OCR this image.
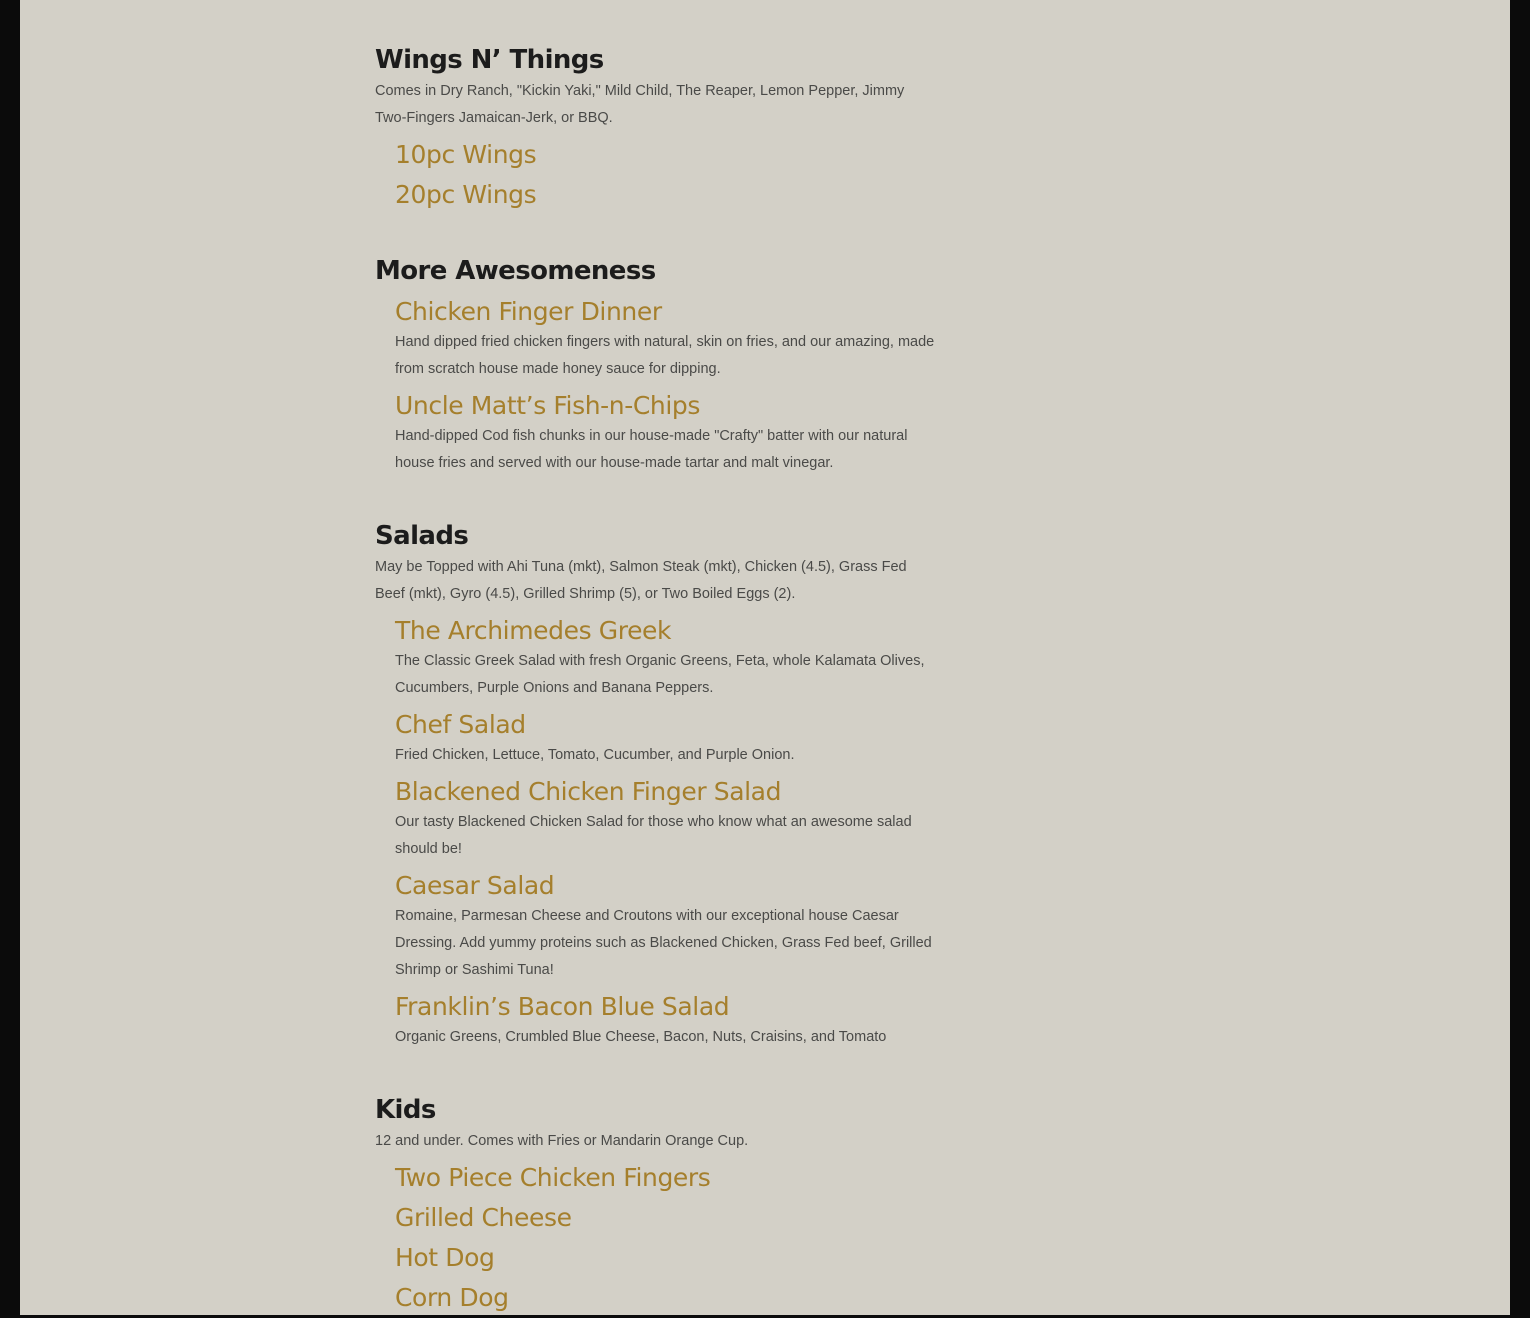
Wings N’ Things

Comes in Dry Ranch, "Kickin Yaki," Mild Child, The Reaper, Lemon Pepper, Jimmy Two-Fingers Jamaican-Jerk, or BBQ.

10pc Wings
20pc Wings
More Awesomeness
Chicken Finger Dinner

Hand dipped fried chicken fingers with natural, skin on fries, and our amazing, made from scratch house made honey sauce for dipping.

Uncle Matt’s Fish-n-Chips

Hand-dipped Cod fish chunks in our house-made "Crafty" batter with our natural house fries and served with our house-made tartar and malt vinegar.

Salads

May be Topped with Ahi Tuna (mkt), Salmon Steak (mkt), Chicken (4.5), Grass Fed Beef (mkt), Gyro (4.5), Grilled Shrimp (5), or Two Boiled Eggs (2).

The Archimedes Greek

The Classic Greek Salad with fresh Organic Greens, Feta, whole Kalamata Olives, Cucumbers, Purple Onions and Banana Peppers.

Chef Salad

Fried Chicken, Lettuce, Tomato, Cucumber, and Purple Onion.

Blackened Chicken Finger Salad

Our tasty Blackened Chicken Salad for those who know what an awesome salad should be!

Caesar Salad

Romaine, Parmesan Cheese and Croutons with our exceptional house Caesar Dressing. Add yummy proteins such as Blackened Chicken, Grass Fed beef, Grilled Shrimp or Sashimi Tuna!

Franklin’s Bacon Blue Salad

Organic Greens, Crumbled Blue Cheese, Bacon, Nuts, Craisins, and Tomato

Kids

12 and under. Comes with Fries or Mandarin Orange Cup.

Two Piece Chicken Fingers
Grilled Cheese
Hot Dog
Corn Dog
